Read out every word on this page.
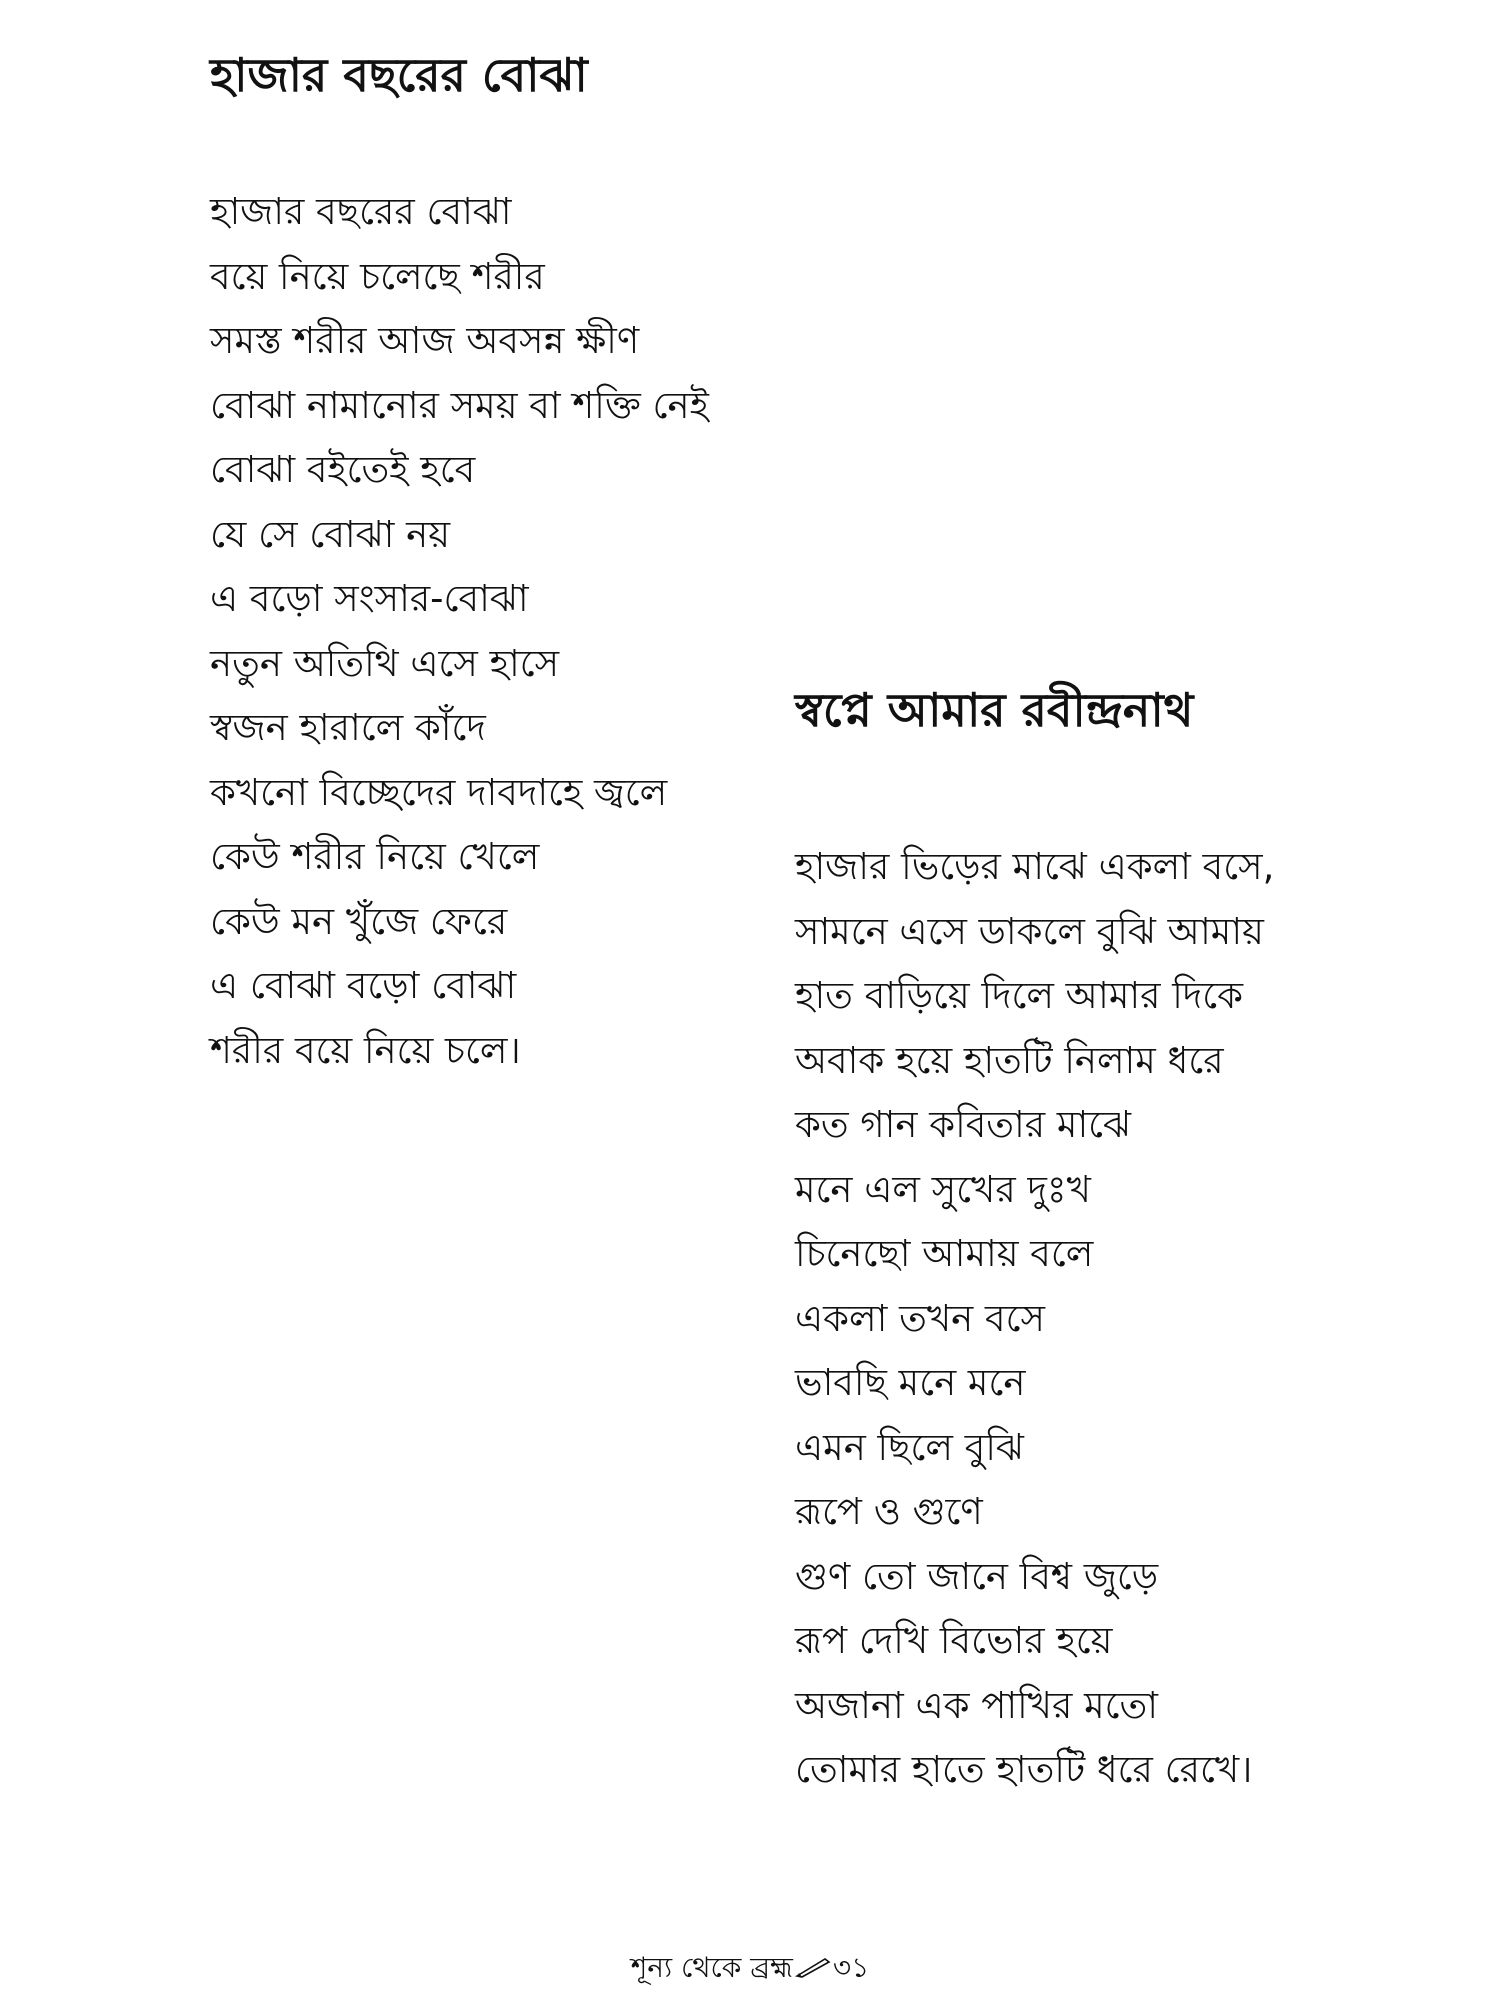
হাজার বছরের বোঝা
হাজার বছরের বোঝা
বয়ে নিয়ে চলেছে শরীর
সমস্ত শরীর আজ অবসন্ন ক্ষীণ
বোঝা নামানোর সময় বা শক্তি নেই
বোঝা বইতেই হবে
যে সে বোঝা নয়
এ বড়ো সংসার-বোঝা
নতুন অতিথি এসে হাসে
স্বজন হারালে কাঁদে
কখনো বিচ্ছেদের দাবদাহে জ্বলে
কেউ শরীর নিয়ে খেলে
কেউ মন খুঁজে ফেরে
এ বোঝা বড়ো বোঝা
শরীর বয়ে নিয়ে চলে।
স্বপ্নে আমার রবীন্দ্রনাথ
হাজার ভিড়ের মাঝে একলা বসে,
সামনে এসে ডাকলে বুঝি আমায়
হাত বাড়িয়ে দিলে আমার দিকে
অবাক হয়ে হাতটি নিলাম ধরে
কত গান কবিতার মাঝে
মনে এল সুখের দুঃখ
চিনেছো আমায় বলে
একলা তখন বসে
ভাবছি মনে মনে
এমন ছিলে বুঝি
রূপে ও গুণে
গুণ তো জানে বিশ্ব জুড়ে
রূপ দেখি বিভোর হয়ে
অজানা এক পাখির মতো
তোমার হাতে হাতটি ধরে রেখে।
শূন্য থেকে ব্রহ্ম ৩১
